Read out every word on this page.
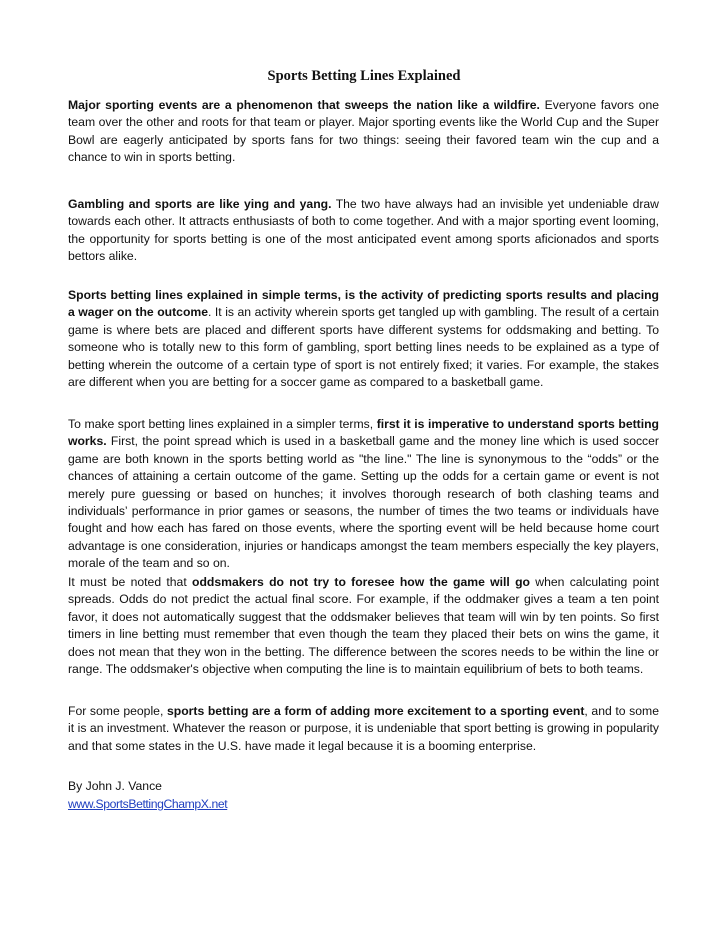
Sports Betting Lines Explained

Major sporting events are a phenomenon that sweeps the nation like a wildfire. Everyone favors one team over the other and roots for that team or player. Major sporting events like the World Cup and the Super Bowl are eagerly anticipated by sports fans for two things: seeing their favored team win the cup and a chance to win in sports betting.

Gambling and sports are like ying and yang. The two have always had an invisible yet undeniable draw towards each other. It attracts enthusiasts of both to come together. And with a major sporting event looming, the opportunity for sports betting is one of the most anticipated event among sports aficionados and sports bettors alike.

Sports betting lines explained in simple terms, is the activity of predicting sports results and placing a wager on the outcome. It is an activity wherein sports get tangled up with gambling. The result of a certain game is where bets are placed and different sports have different systems for oddsmaking and betting. To someone who is totally new to this form of gambling, sport betting lines needs to be explained as a type of betting wherein the outcome of a certain type of sport is not entirely fixed; it varies. For example, the stakes are different when you are betting for a soccer game as compared to a basketball game.

To make sport betting lines explained in a simpler terms, first it is imperative to understand sports betting works. First, the point spread which is used in a basketball game and the money line which is used soccer game are both known in the sports betting world as "the line." The line is synonymous to the “odds” or the chances of attaining a certain outcome of the game. Setting up the odds for a certain game or event is not merely pure guessing or based on hunches; it involves thorough research of both clashing teams and individuals’ performance in prior games or seasons, the number of times the two teams or individuals have fought and how each has fared on those events, where the sporting event will be held because home court advantage is one consideration, injuries or handicaps amongst the team members especially the key players, morale of the team and so on.

It must be noted that oddsmakers do not try to foresee how the game will go when calculating point spreads. Odds do not predict the actual final score. For example, if the oddmaker gives a team a ten point favor, it does not automatically suggest that the oddsmaker believes that team will win by ten points. So first timers in line betting must remember that even though the team they placed their bets on wins the game, it does not mean that they won in the betting. The difference between the scores needs to be within the line or range. The oddsmaker's objective when computing the line is to maintain equilibrium of bets to both teams.

For some people, sports betting are a form of adding more excitement to a sporting event, and to some it is an investment. Whatever the reason or purpose, it is undeniable that sport betting is growing in popularity and that some states in the U.S. have made it legal because it is a booming enterprise.

By John J. Vance
www.SportsBettingChampX.net
